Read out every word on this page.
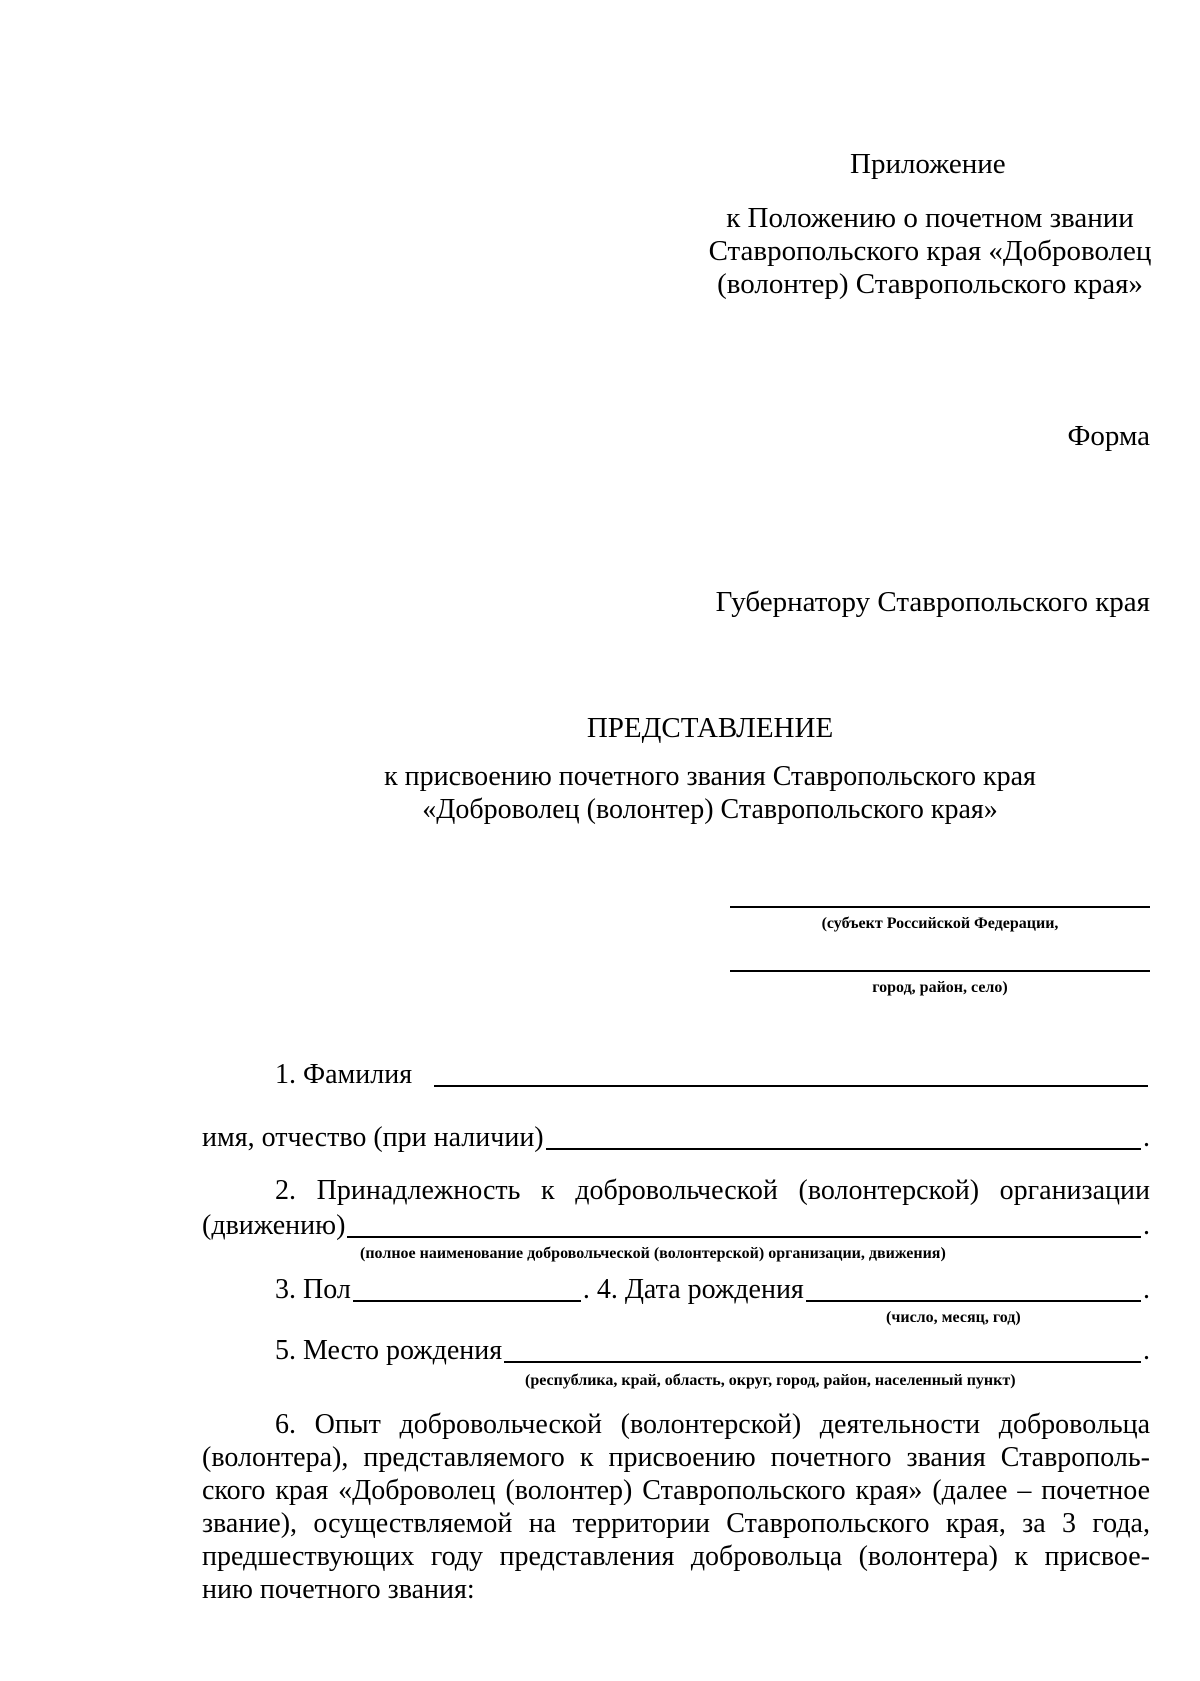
Приложение

к Положению о почетном звании
Ставропольского края «Доброволец
(волонтер) Ставропольского края»

Форма

Губернатору Ставропольского края

ПРЕДСТАВЛЕНИЕ

к присвоению почетного звания Ставропольского края
«Доброволец (волонтер) Ставропольского края»

(субъект Российской Федерации,

город, район, село)

1. Фамилия
имя, отчество (при наличии)	.
2. Принадлежность к добровольческой (волонтерской) организации
(движению)	.

(полное наименование добровольческой (волонтерской) организации, движения)

3. Пол	. 4. Дата рождения	.

(число, месяц, год)

5. Место рождения	.

(республика, край, область, округ, город, район, населенный пункт)

6. Опыт добровольческой (волонтерской) деятельности добровольца
(волонтера), представляемого к присвоению почетного звания Ставрополь-
ского края «Доброволец (волонтер) Ставропольского края» (далее – почетное
звание), осуществляемой на территории Ставропольского края, за 3 года,
предшествующих году представления добровольца (волонтера) к присвое-
нию почетного звания:
